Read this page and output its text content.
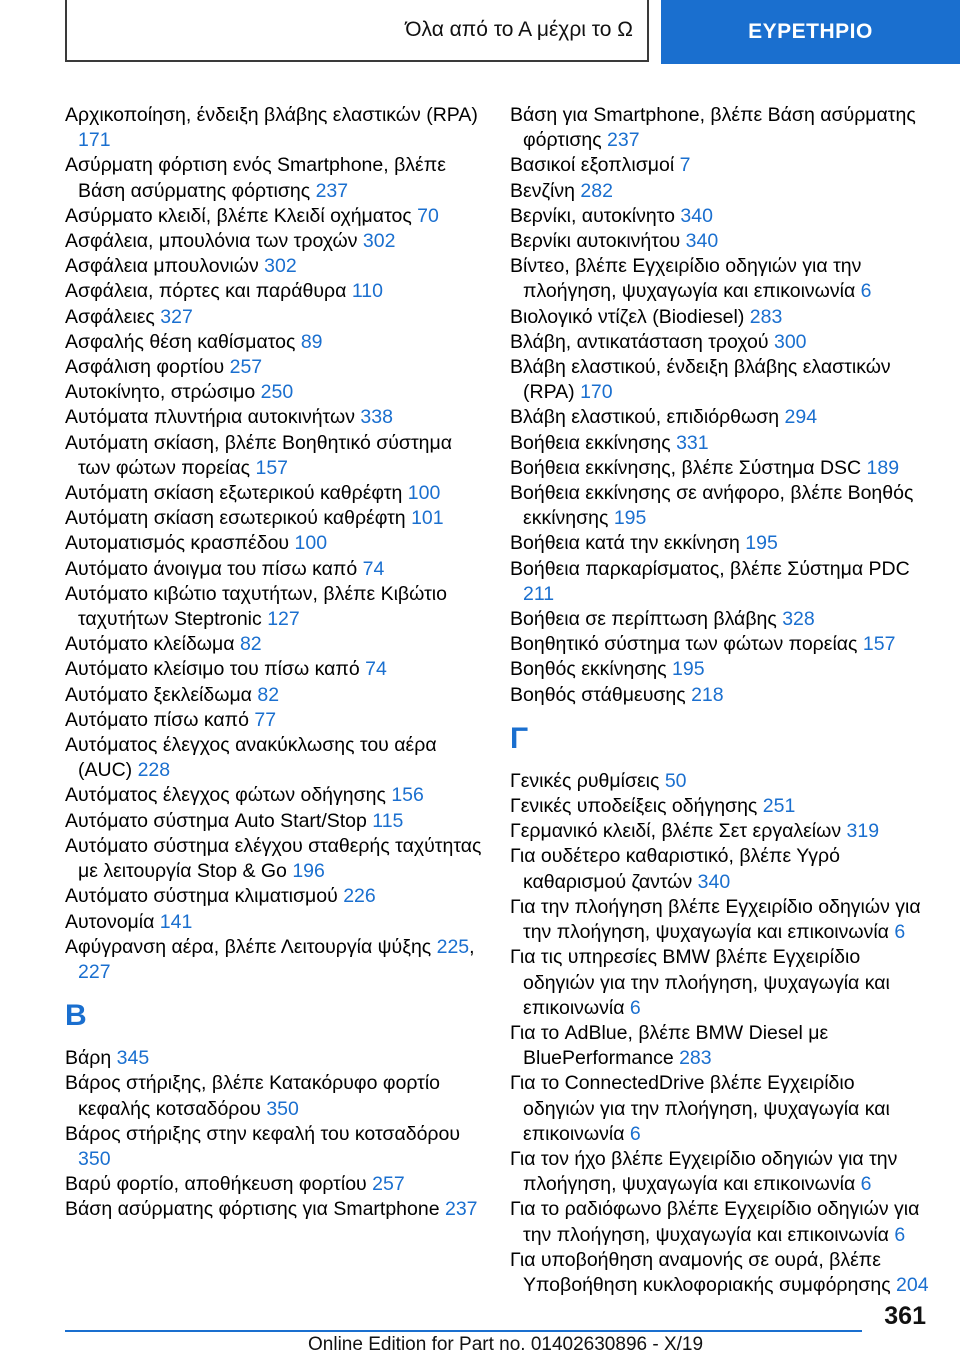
Όλα από το Α μέχρι το Ω	ΕΥΡΕΤΗΡΙΟ
Αρχικοποίηση, ένδειξη βλάβης ελαστικών (RPA) 171
Ασύρματη φόρτιση ενός Smartphone, βλέπε Βάση ασύρματης φόρτισης 237
Ασύρματο κλειδί, βλέπε Κλειδί οχήματος 70
Ασφάλεια, μπουλόνια των τροχών 302
Ασφάλεια μπουλονιών 302
Ασφάλεια, πόρτες και παράθυρα 110
Ασφάλειες 327
Ασφαλής θέση καθίσματος 89
Ασφάλιση φορτίου 257
Αυτοκίνητο, στρώσιμο 250
Αυτόματα πλυντήρια αυτοκινήτων 338
Αυτόματη σκίαση, βλέπε Βοηθητικό σύστημα των φώτων πορείας 157
Αυτόματη σκίαση εξωτερικού καθρέφτη 100
Αυτόματη σκίαση εσωτερικού καθρέφτη 101
Αυτοματισμός κρασπέδου 100
Αυτόματο άνοιγμα του πίσω καπό 74
Αυτόματο κιβώτιο ταχυτήτων, βλέπε Κιβώτιο ταχυτήτων Steptronic 127
Αυτόματο κλείδωμα 82
Αυτόματο κλείσιμο του πίσω καπό 74
Αυτόματο ξεκλείδωμα 82
Αυτόματο πίσω καπό 77
Αυτόματος έλεγχος ανακύκλωσης του αέρα (AUC) 228
Αυτόματος έλεγχος φώτων οδήγησης 156
Αυτόματο σύστημα Auto Start/Stop 115
Αυτόματο σύστημα ελέγχου σταθερής ταχύτητας με λειτουργία Stop & Go 196
Αυτόματο σύστημα κλιματισμού 226
Αυτονομία 141
Αφύγρανση αέρα, βλέπε Λειτουργία ψύξης 225, 227
Β
Βάρη 345
Βάρος στήριξης, βλέπε Κατακόρυφο φορτίο κεφαλής κοτσαδόρου 350
Βάρος στήριξης στην κεφαλή του κοτσαδόρου 350
Βαρύ φορτίο, αποθήκευση φορτίου 257
Βάση ασύρματης φόρτισης για Smartphone 237
Βάση για Smartphone, βλέπε Βάση ασύρματης φόρτισης 237
Βασικοί εξοπλισμοί 7
Βενζίνη 282
Βερνίκι, αυτοκίνητο 340
Βερνίκι αυτοκινήτου 340
Βίντεο, βλέπε Εγχειρίδιο οδηγιών για την πλοήγηση, ψυχαγωγία και επικοινωνία 6
Βιολογικό ντίζελ (Biodiesel) 283
Βλάβη, αντικατάσταση τροχού 300
Βλάβη ελαστικού, ένδειξη βλάβης ελαστικών (RPA) 170
Βλάβη ελαστικού, επιδιόρθωση 294
Βοήθεια εκκίνησης 331
Βοήθεια εκκίνησης, βλέπε Σύστημα DSC 189
Βοήθεια εκκίνησης σε ανήφορο, βλέπε Βοηθός εκκίνησης 195
Βοήθεια κατά την εκκίνηση 195
Βοήθεια παρκαρίσματος, βλέπε Σύστημα PDC 211
Βοήθεια σε περίπτωση βλάβης 328
Βοηθητικό σύστημα των φώτων πορείας 157
Βοηθός εκκίνησης 195
Βοηθός στάθμευσης 218
Γ
Γενικές ρυθμίσεις 50
Γενικές υποδείξεις οδήγησης 251
Γερμανικό κλειδί, βλέπε Σετ εργαλείων 319
Για ουδέτερο καθαριστικό, βλέπε Υγρό καθαρισμού ζαντών 340
Για την πλοήγηση βλέπε Εγχειρίδιο οδηγιών για την πλοήγηση, ψυχαγωγία και επικοινωνία 6
Για τις υπηρεσίες BMW βλέπε Εγχειρίδιο οδηγιών για την πλοήγηση, ψυχαγωγία και επικοινωνία 6
Για το AdBlue, βλέπε BMW Diesel με BluePerformance 283
Για το ConnectedDrive βλέπε Εγχειρίδιο οδηγιών για την πλοήγηση, ψυχαγωγία και επικοινωνία 6
Για τον ήχο βλέπε Εγχειρίδιο οδηγιών για την πλοήγηση, ψυχαγωγία και επικοινωνία 6
Για το ραδιόφωνο βλέπε Εγχειρίδιο οδηγιών για την πλοήγηση, ψυχαγωγία και επικοινωνία 6
Για υποβοήθηση αναμονής σε ουρά, βλέπε Υποβοήθηση κυκλοφοριακής συμφόρησης 204
361
Online Edition for Part no. 01402630896 - X/19
